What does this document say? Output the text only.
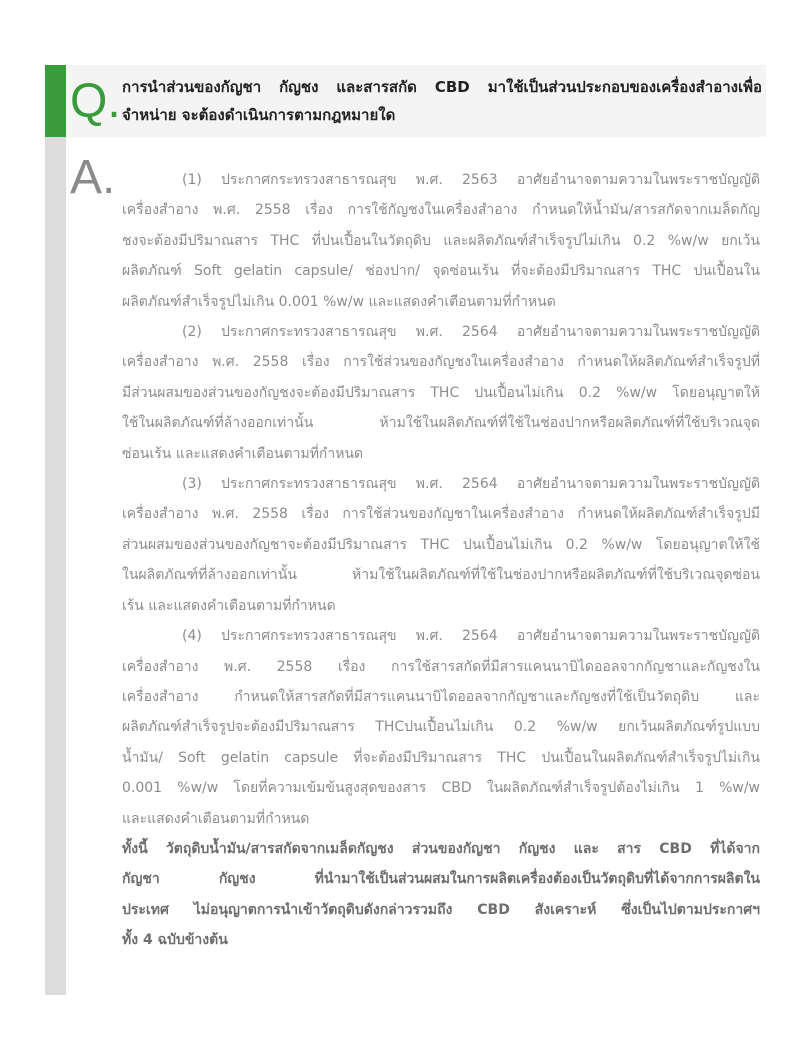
Q. การนำส่วนของกัญชา กัญชง และสารสกัด CBD มาใช้เป็นส่วนประกอบของเครื่องสำอางเพื่อ
จำหน่าย จะต้องดำเนินการตามกฎหมายใด
A.	(1) ประกาศกระทรวงสาธารณสุข พ.ศ. 2563 อาศัยอำนาจตามความในพระราชบัญญัติ
เครื่องสำอาง พ.ศ. 2558 เรื่อง การใช้กัญชงในเครื่องสำอาง กำหนดให้น้ำมัน/สารสกัดจากเมล็ดกัญ
ชงจะต้องมีปริมาณสาร THC ที่ปนเปื้อนในวัตถุดิบ และผลิตภัณฑ์สำเร็จรูปไม่เกิน 0.2 %w/w ยกเว้น
ผลิตภัณฑ์ Soft gelatin capsule/ ช่องปาก/ จุดซ่อนเร้น ที่จะต้องมีปริมาณสาร THC ปนเปื้อนใน
ผลิตภัณฑ์สำเร็จรูปไม่เกิน 0.001 %w/w และแสดงคำเตือนตามที่กำหนด
(2) ประกาศกระทรวงสาธารณสุข พ.ศ. 2564 อาศัยอำนาจตามความในพระราชบัญญัติ
เครื่องสำอาง พ.ศ. 2558 เรื่อง การใช้ส่วนของกัญชงในเครื่องสำอาง กำหนดให้ผลิตภัณฑ์สำเร็จรูปที่
มีส่วนผสมของส่วนของกัญชงจะต้องมีปริมาณสาร THC ปนเปื้อนไม่เกิน 0.2 %w/w โดยอนุญาตให้
ใช้ในผลิตภัณฑ์ที่ล้างออกเท่านั้น ห้ามใช้ในผลิตภัณฑ์ที่ใช้ในช่องปากหรือผลิตภัณฑ์ที่ใช้บริเวณจุด
ซ่อนเร้น และแสดงคำเตือนตามที่กำหนด
(3) ประกาศกระทรวงสาธารณสุข พ.ศ. 2564 อาศัยอำนาจตามความในพระราชบัญญัติ
เครื่องสำอาง พ.ศ. 2558 เรื่อง การใช้ส่วนของกัญชาในเครื่องสำอาง กำหนดให้ผลิตภัณฑ์สำเร็จรูปมี
ส่วนผสมของส่วนของกัญชาจะต้องมีปริมาณสาร THC ปนเปื้อนไม่เกิน 0.2 %w/w โดยอนุญาตให้ใช้
ในผลิตภัณฑ์ที่ล้างออกเท่านั้น ห้ามใช้ในผลิตภัณฑ์ที่ใช้ในช่องปากหรือผลิตภัณฑ์ที่ใช้บริเวณจุดซ่อน
เร้น และแสดงคำเตือนตามที่กำหนด
(4) ประกาศกระทรวงสาธารณสุข พ.ศ. 2564 อาศัยอำนาจตามความในพระราชบัญญัติ
เครื่องสำอาง พ.ศ. 2558 เรื่อง การใช้สารสกัดที่มีสารแคนนาบิไดออลจากกัญชาและกัญชงใน
เครื่องสำอาง กำหนดให้สารสกัดที่มีสารแคนนาบิไดออลจากกัญชาและกัญชงที่ใช้เป็นวัตถุดิบ และ
ผลิตภัณฑ์สำเร็จรูปจะต้องมีปริมาณสาร THCปนเปื้อนไม่เกิน 0.2 %w/w ยกเว้นผลิตภัณฑ์รูปแบบ
น้ำมัน/ Soft gelatin capsule ที่จะต้องมีปริมาณสาร THC ปนเปื้อนในผลิตภัณฑ์สำเร็จรูปไม่เกิน
0.001 %w/w โดยที่ความเข้มข้นสูงสุดของสาร CBD ในผลิตภัณฑ์สำเร็จรูปต้องไม่เกิน 1 %w/w
และแสดงคำเตือนตามที่กำหนด
ทั้งนี้ วัตถุดิบน้ำมัน/สารสกัดจากเมล็ดกัญชง ส่วนของกัญชา กัญชง และ สาร CBD ที่ได้จาก
กัญชา กัญชง ที่นำมาใช้เป็นส่วนผสมในการผลิตเครื่องต้องเป็นวัตถุดิบที่ได้จากการผลิตใน
ประเทศ ไม่อนุญาตการนำเข้าวัตถุดิบดังกล่าวรวมถึง CBD สังเคราะห์ ซึ่งเป็นไปตามประกาศฯ
ทั้ง 4 ฉบับข้างต้น
